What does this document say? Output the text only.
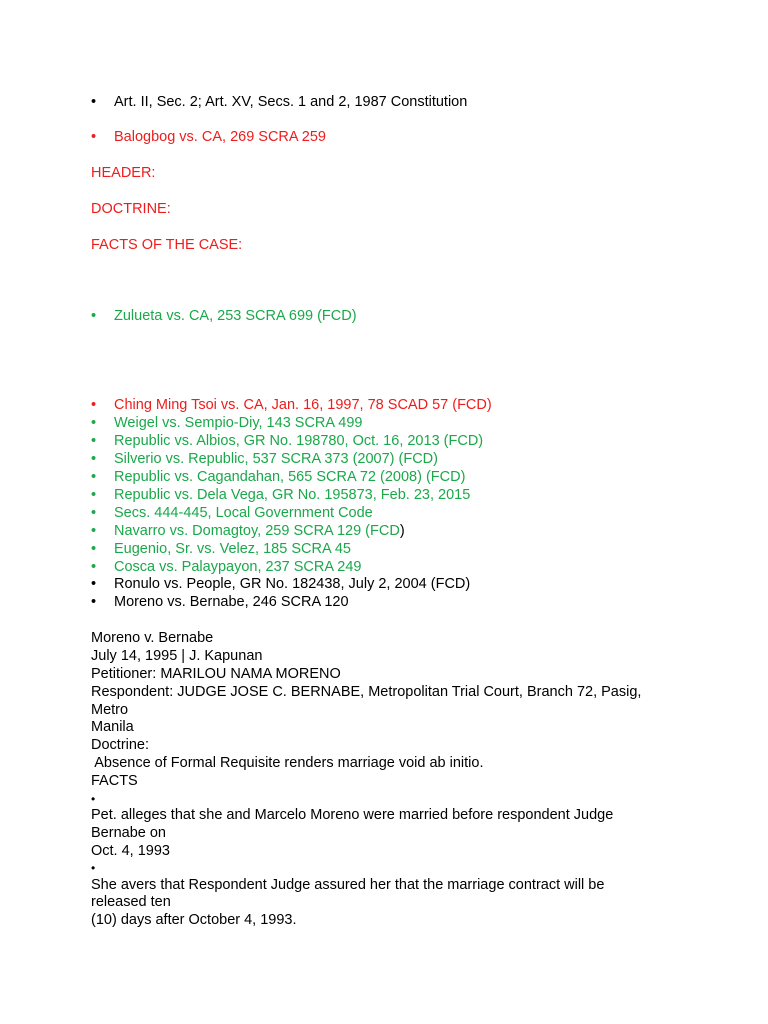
• Art. II, Sec. 2; Art. XV, Secs. 1 and 2, 1987 Constitution
• Balogbog vs. CA, 269 SCRA 259
HEADER:
DOCTRINE:
FACTS OF THE CASE:
• Zulueta vs. CA, 253 SCRA 699 (FCD)
• Ching Ming Tsoi vs. CA, Jan. 16, 1997, 78 SCAD 57 (FCD)
• Weigel vs. Sempio-Diy, 143 SCRA 499
• Republic vs. Albios, GR No. 198780, Oct. 16, 2013 (FCD)
• Silverio vs. Republic, 537 SCRA 373 (2007) (FCD)
• Republic vs. Cagandahan, 565 SCRA 72 (2008) (FCD)
• Republic vs. Dela Vega, GR No. 195873, Feb. 23, 2015
• Secs. 444-445, Local Government Code
• Navarro vs. Domagtoy, 259 SCRA 129 (FCD)
• Eugenio, Sr. vs. Velez, 185 SCRA 45
• Cosca vs. Palaypayon, 237 SCRA 249
• Ronulo vs. People, GR No. 182438, July 2, 2004 (FCD)
• Moreno vs. Bernabe, 246 SCRA 120
Moreno v. Bernabe
July 14, 1995 | J. Kapunan
Petitioner: MARILOU NAMA MORENO
Respondent: JUDGE JOSE C. BERNABE, Metropolitan Trial Court, Branch 72, Pasig,
Metro
Manila
Doctrine:
Absence of Formal Requisite renders marriage void ab initio.
FACTS
•
Pet. alleges that she and Marcelo Moreno were married before respondent Judge
Bernabe on
Oct. 4, 1993
•
She avers that Respondent Judge assured her that the marriage contract will be
released ten
(10) days after October 4, 1993.
